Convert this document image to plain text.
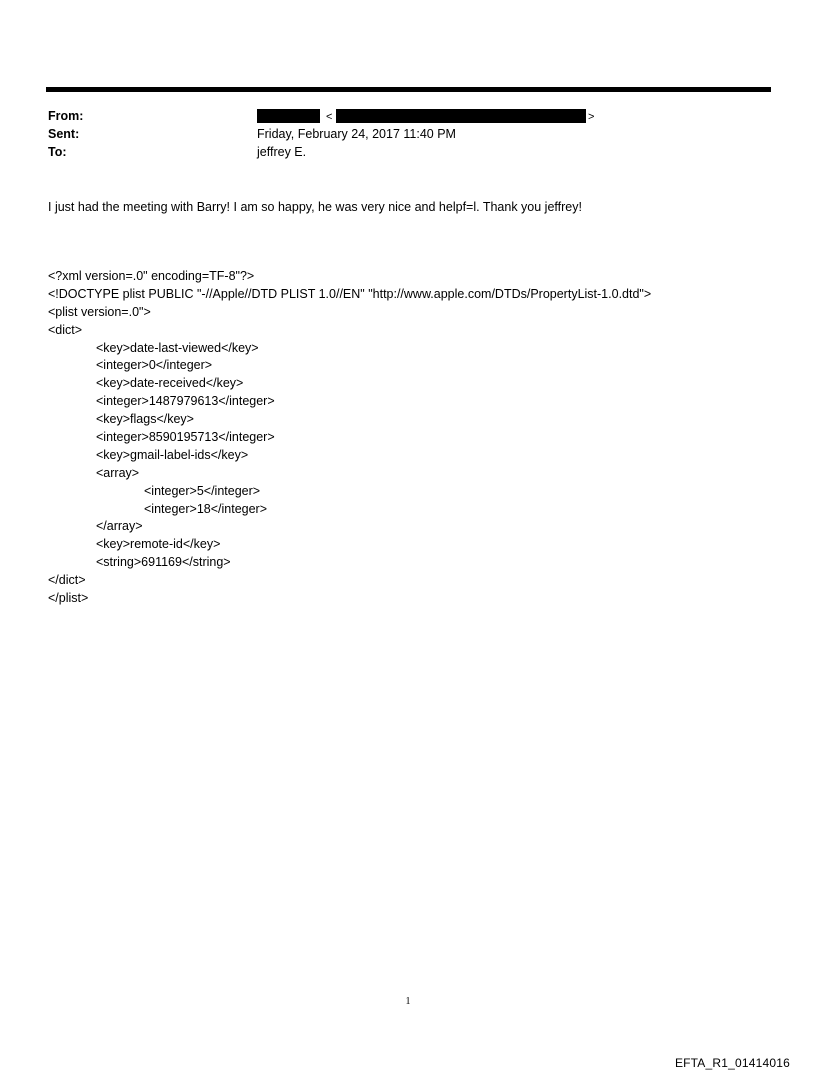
From:	<	>
Sent:	Friday, February 24, 2017 11:40 PM
To:	jeffrey E.
I just had the meeting with Barry! I am so happy, he was very nice and helpf=l. Thank you jeffrey!
<?xml version=.0" encoding=TF-8"?>
<!DOCTYPE plist PUBLIC "-//Apple//DTD PLIST 1.0//EN" "http://www.apple.com/DTDs/PropertyList-1.0.dtd">
<plist version=.0">
<dict>
<key>date-last-viewed</key>
<integer>0</integer>
<key>date-received</key>
<integer>1487979613</integer>
<key>flags</key>
<integer>8590195713</integer>
<key>gmail-label-ids</key>
<array>
<integer>5</integer>
<integer>18</integer>
</array>
<key>remote-id</key>
<string>691169</string>
</dict>
</plist>
1
EFTA_R1_01414016
